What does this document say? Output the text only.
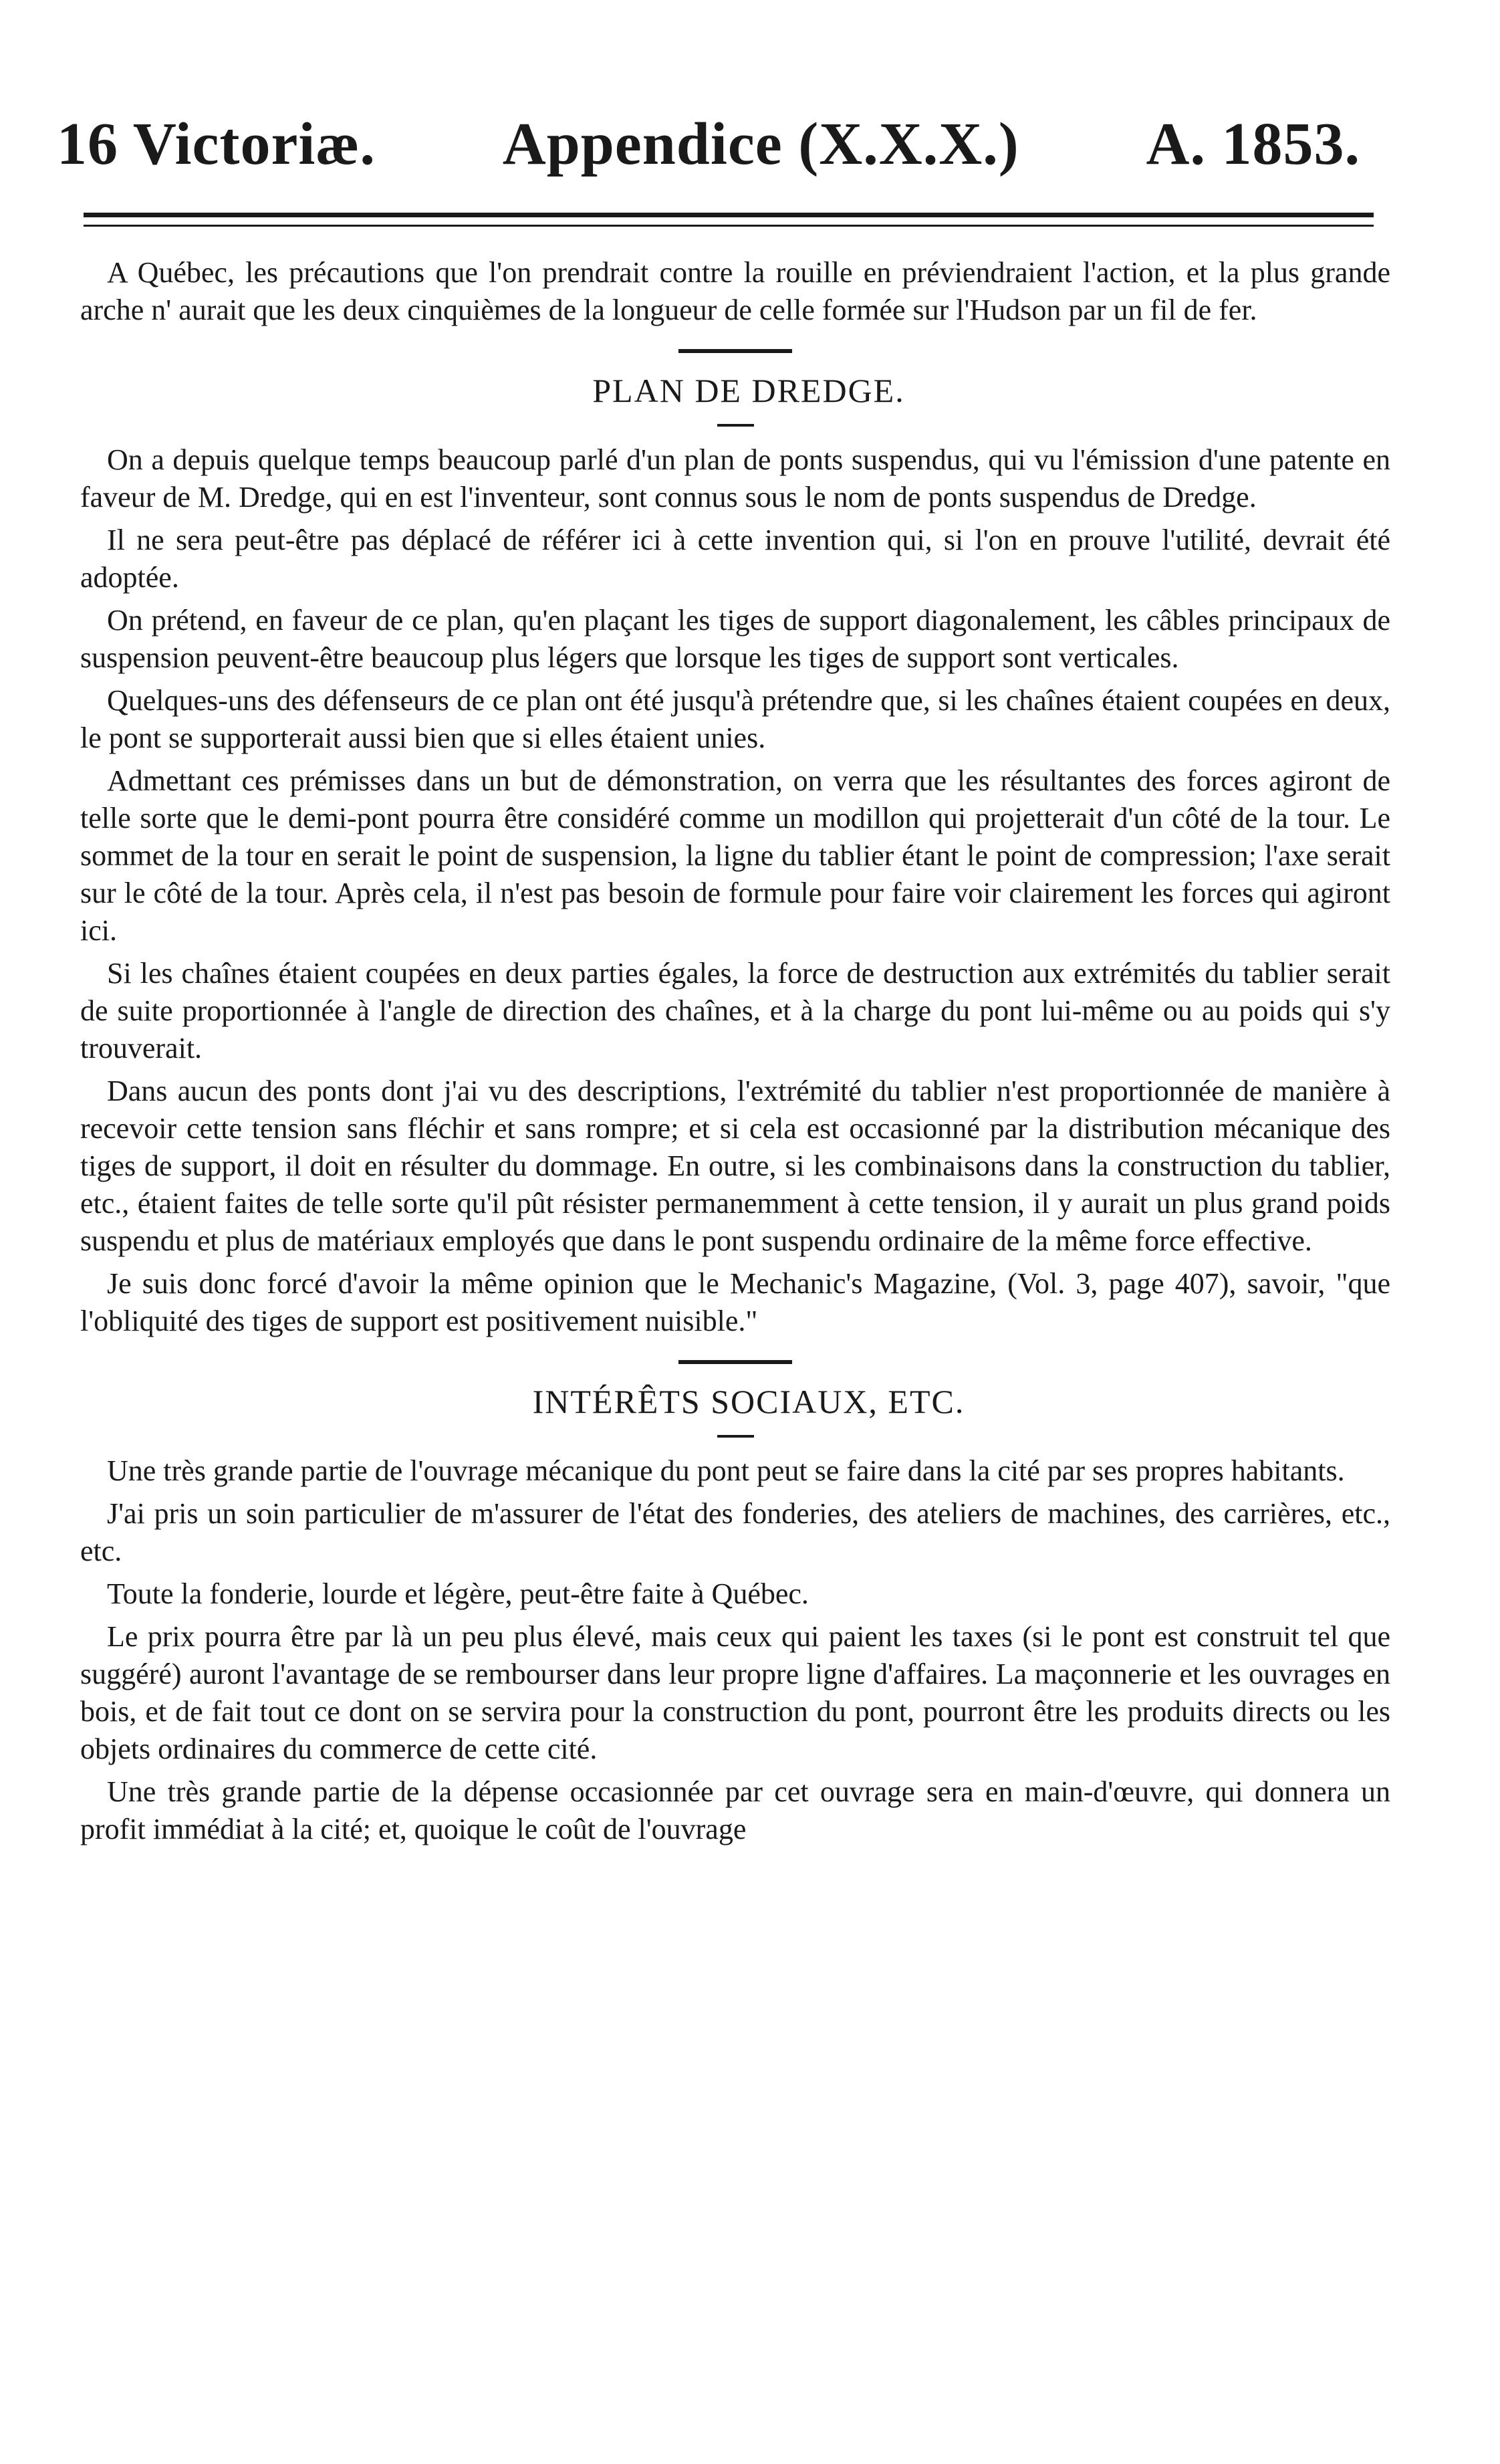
16 Victoriæ. Appendice (X.X.X.) A. 1853.

A Québec, les précautions que l'on prendrait contre la rouille en préviendraient l'action, et la plus grande arche n' aurait que les deux cinquièmes de la longueur de celle formée sur l'Hudson par un fil de fer.

PLAN DE DREDGE.

On a depuis quelque temps beaucoup parlé d'un plan de ponts suspendus, qui vu l'émission d'une patente en faveur de M. Dredge, qui en est l'inventeur, sont connus sous le nom de ponts suspendus de Dredge.

Il ne sera peut-être pas déplacé de référer ici à cette invention qui, si l'on en prouve l'utilité, devrait été adoptée.

On prétend, en faveur de ce plan, qu'en plaçant les tiges de support diagonalement, les câbles principaux de suspension peuvent-être beaucoup plus légers que lorsque les tiges de support sont verticales.

Quelques-uns des défenseurs de ce plan ont été jusqu'à prétendre que, si les chaînes étaient coupées en deux, le pont se supporterait aussi bien que si elles étaient unies.

Admettant ces prémisses dans un but de démonstration, on verra que les résultantes des forces agiront de telle sorte que le demi-pont pourra être considéré comme un modillon qui projetterait d'un côté de la tour. Le sommet de la tour en serait le point de suspension, la ligne du tablier étant le point de compression; l'axe serait sur le côté de la tour. Après cela, il n'est pas besoin de formule pour faire voir clairement les forces qui agiront ici.

Si les chaînes étaient coupées en deux parties égales, la force de destruction aux extrémités du tablier serait de suite proportionnée à l'angle de direction des chaînes, et à la charge du pont lui-même ou au poids qui s'y trouverait.

Dans aucun des ponts dont j'ai vu des descriptions, l'extrémité du tablier n'est proportionnée de manière à recevoir cette tension sans fléchir et sans rompre; et si cela est occasionné par la distribution mécanique des tiges de support, il doit en résulter du dommage. En outre, si les combinaisons dans la construction du tablier, etc., étaient faites de telle sorte qu'il pût résister permanemment à cette tension, il y aurait un plus grand poids suspendu et plus de matériaux employés que dans le pont suspendu ordinaire de la même force effective.

Je suis donc forcé d'avoir la même opinion que le Mechanic's Magazine, (Vol. 3, page 407), savoir, "que l'obliquité des tiges de support est positivement nuisible."

INTÉRÊTS SOCIAUX, ETC.

Une très grande partie de l'ouvrage mécanique du pont peut se faire dans la cité par ses propres habitants.

J'ai pris un soin particulier de m'assurer de l'état des fonderies, des ateliers de machines, des carrières, etc., etc.

Toute la fonderie, lourde et légère, peut-être faite à Québec.

Le prix pourra être par là un peu plus élevé, mais ceux qui paient les taxes (si le pont est construit tel que suggéré) auront l'avantage de se rembourser dans leur propre ligne d'affaires. La maçonnerie et les ouvrages en bois, et de fait tout ce dont on se servira pour la construction du pont, pourront être les produits directs ou les objets ordinaires du commerce de cette cité.

Une très grande partie de la dépense occasionnée par cet ouvrage sera en main-d'œuvre, qui donnera un profit immédiat à la cité; et, quoique le coût de l'ouvrage
